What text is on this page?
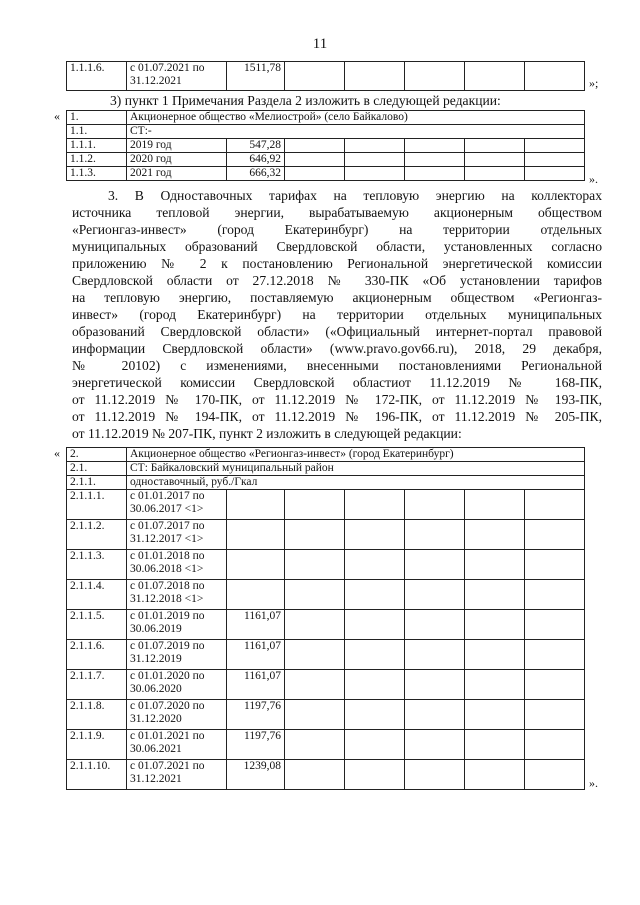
11
1.1.1.6.	с 01.07.2021 по
31.12.2021
	1511,78					
»;
3) пункт 1 Примечания Раздела 2 изложить в следующей редакции:
« 1.	Акционерное общество «Мелиострой» (село Байкалово)						
1.1.	СТ:-						
1.1.1.	2019 год	547,28					
1.1.2.	2020 год	646,92					
1.1.3.	2021 год	666,32						».
3. В Одноставочных тарифах на тепловую энергию на коллекторах
источника тепловой энергии, вырабатываемую акционерным обществом
«Регионгаз-инвест» (город Екатеринбург) на территории отдельных
муниципальных образований Свердловской области, установленных согласно
приложению № 2 к постановлению Региональной энергетической комиссии
Свердловской области от 27.12.2018 № 330-ПК «Об установлении тарифов
на тепловую энергию, поставляемую акционерным обществом «Регионгаз-
инвест» (город Екатеринбург) на территории отдельных муниципальных
образований Свердловской области» («Официальный интернет-портал правовой
информации Свердловской области» (www.pravo.gov66.ru), 2018, 29 декабря,
№ 20102) с изменениями, внесенными постановлениями Региональной
энергетической комиссии Свердловской областиот 11.12.2019 № 168-ПК,
от 11.12.2019 № 170-ПК, от 11.12.2019 № 172-ПК, от 11.12.2019 № 193-ПК,
от 11.12.2019 № 194-ПК, от 11.12.2019 № 196-ПК, от 11.12.2019 № 205-ПК,
от 11.12.2019 № 207-ПК, пункт 2 изложить в следующей редакции:
« 2.	Акционерное общество «Регионгаз-инвест» (город Екатеринбург)						
2.1.	СТ: Байкаловский муниципальный район						
2.1.1.	одноставочный, руб./Гкал						
2.1.1.1.	с 01.01.2017 по
30.06.2017 <1>						

2.1.1.2.	с 01.07.2017 по
31.12.2017 <1>						

2.1.1.3.	с 01.01.2018 по
30.06.2018 <1>						

2.1.1.4.	с 01.07.2018 по
31.12.2018 <1>						

2.1.1.5.	с 01.01.2019 по
30.06.2019	1161,07					
2.1.1.6.	с 01.07.2019 по
31.12.2019	1161,07					
2.1.1.7.	с 01.01.2020 по
30.06.2020	1161,07					
2.1.1.8.	с 01.07.2020 по
31.12.2020	1197,76					
2.1.1.9.	с 01.01.2021 по
30.06.2021	1197,76					
2.1.1.10.	с 01.07.2021 по
31.12.2021	1239,08					
».
